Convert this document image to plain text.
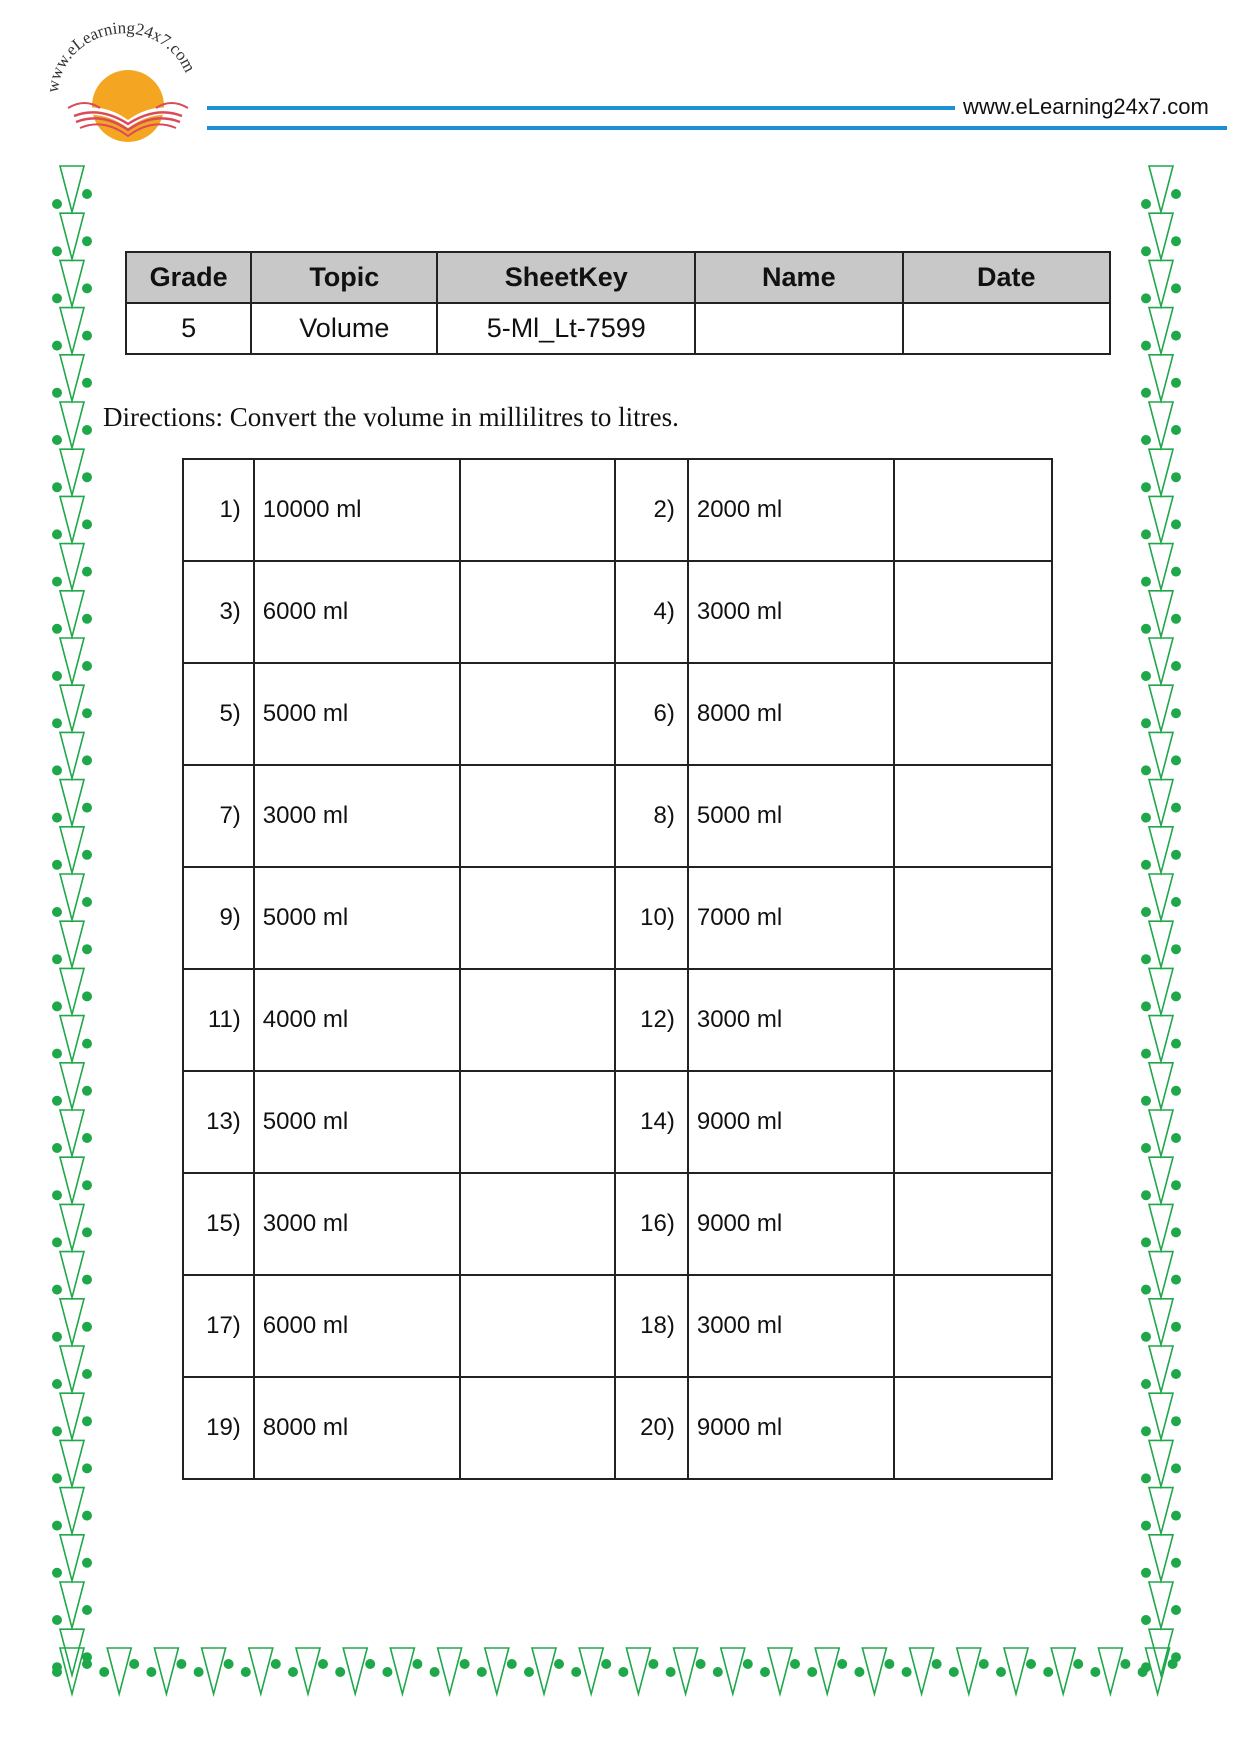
www.eLearning24x7.com
www.eLearning24x7.com
Grade	Topic	SheetKey	Name	Date
5	Volume	5-Ml_Lt-7599		
Directions: Convert the volume in millilitres to litres.
1)	10000 ml		2)	2000 ml	
3)	6000 ml		4)	3000 ml	
5)	5000 ml		6)	8000 ml	
7)	3000 ml		8)	5000 ml	
9)	5000 ml		10)	7000 ml	
11)	4000 ml		12)	3000 ml	
13)	5000 ml		14)	9000 ml	
15)	3000 ml		16)	9000 ml	
17)	6000 ml		18)	3000 ml	
19)	8000 ml		20)	9000 ml	
